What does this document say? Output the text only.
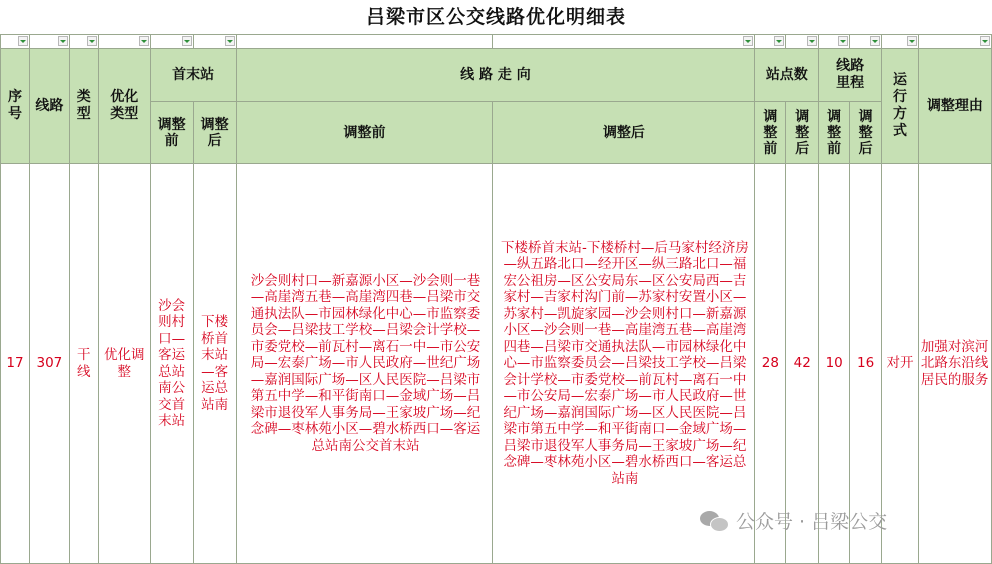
吕梁市区公交线路优化明细表

序号	线路	类型	优化类型	首末站		线 路 走 向		站点数		线路里程		运行方式	调整理由
				调整前	调整后	调整前	调整后	调整前	调整后	调整前	调整后		
17	307	干线	优化调整	沙会则村口—客运总站南公交首末站	下楼桥首末站—客运总站南	沙会则村口—新嘉源小区—沙会则一巷—高崖湾五巷—高崖湾四巷—吕梁市交通执法队—市园林绿化中心—市监察委员会—吕梁技工学校—吕梁会计学校—市委党校—前瓦村—离石一中—市公安局—宏泰广场—市人民政府—世纪广场—嘉润国际广场—区人民医院—吕梁市第五中学—和平街南口—金域广场—吕梁市退役军人事务局—王家坡广场—纪念碑—枣林苑小区—碧水桥西口—客运总站南公交首末站	下楼桥首末站-下楼桥村—后马家村经济房—纵五路北口—经开区—纵三路北口—福宏公祖房—区公安局东—区公安局西—吉家村—吉家村沟门前—苏家村安置小区—苏家村—凯旋家园—沙会则村口—新嘉源小区—沙会则一巷—高崖湾五巷—高崖湾四巷—吕梁市交通执法队—市园林绿化中心—市监察委员会—吕梁技工学校—吕梁会计学校—市委党校—前瓦村—离石一中—市公安局—宏泰广场—市人民政府—世纪广场—嘉润国际广场—区人民医院—吕梁市第五中学—和平街南口—金域广场—吕梁市退役军人事务局—王家坡广场—纪念碑—枣林苑小区—碧水桥西口—客运总站南	28	42	10	16	对开	加强对滨河北路东沿线居民的服务
公众号 · 吕梁公交
